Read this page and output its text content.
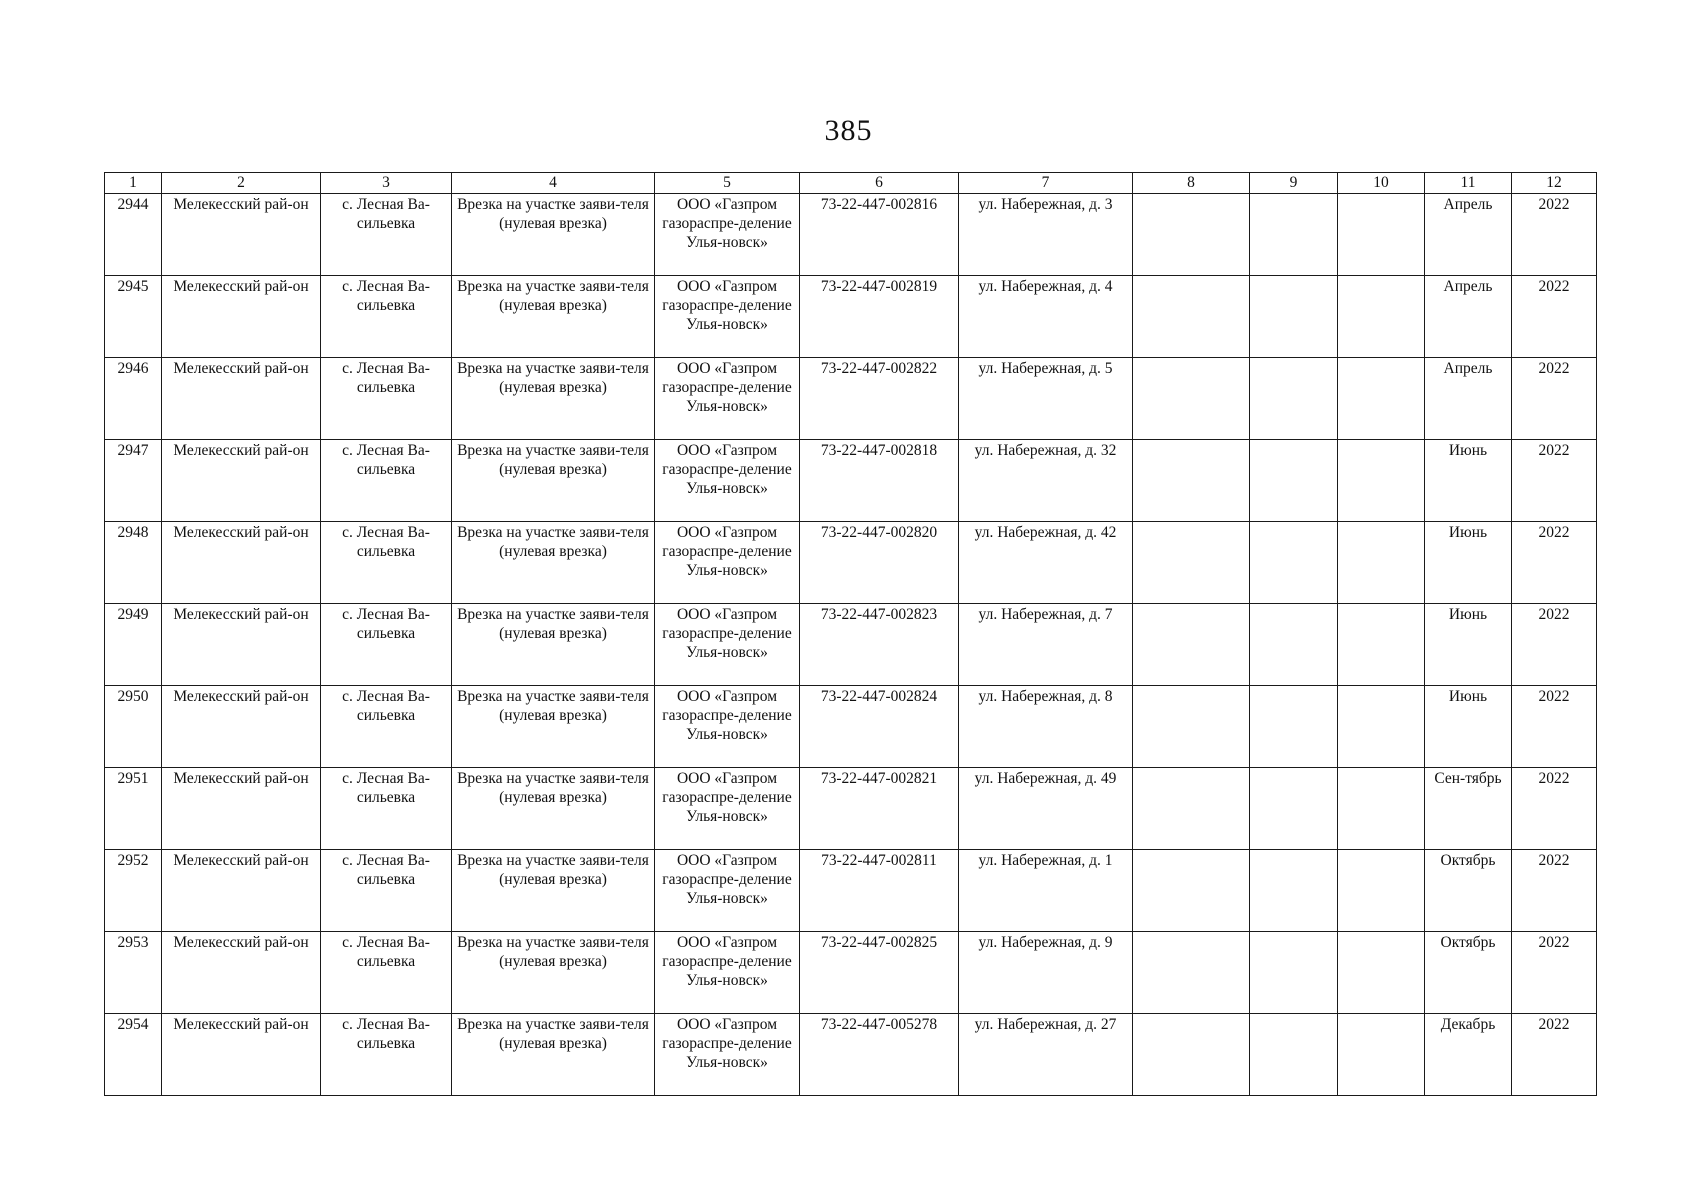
385
1	2	3	4	5	6	7	8	9	10	11	12
2944	Мелекесский рай-он	с. Лесная Ва-сильевка	Врезка на участке заяви-теля (нулевая врезка)	ООО «Газпром газораспре-деление Улья-новск»	73-22-447-002816	ул. Набережная, д. 3				Апрель	2022
2945	Мелекесский рай-он	с. Лесная Ва-сильевка	Врезка на участке заяви-теля (нулевая врезка)	ООО «Газпром газораспре-деление Улья-новск»	73-22-447-002819	ул. Набережная, д. 4				Апрель	2022
2946	Мелекесский рай-он	с. Лесная Ва-сильевка	Врезка на участке заяви-теля (нулевая врезка)	ООО «Газпром газораспре-деление Улья-новск»	73-22-447-002822	ул. Набережная, д. 5				Апрель	2022
2947	Мелекесский рай-он	с. Лесная Ва-сильевка	Врезка на участке заяви-теля (нулевая врезка)	ООО «Газпром газораспре-деление Улья-новск»	73-22-447-002818	ул. Набережная, д. 32				Июнь	2022
2948	Мелекесский рай-он	с. Лесная Ва-сильевка	Врезка на участке заяви-теля (нулевая врезка)	ООО «Газпром газораспре-деление Улья-новск»	73-22-447-002820	ул. Набережная, д. 42				Июнь	2022
2949	Мелекесский рай-он	с. Лесная Ва-сильевка	Врезка на участке заяви-теля (нулевая врезка)	ООО «Газпром газораспре-деление Улья-новск»	73-22-447-002823	ул. Набережная, д. 7				Июнь	2022
2950	Мелекесский рай-он	с. Лесная Ва-сильевка	Врезка на участке заяви-теля (нулевая врезка)	ООО «Газпром газораспре-деление Улья-новск»	73-22-447-002824	ул. Набережная, д. 8				Июнь	2022
2951	Мелекесский рай-он	с. Лесная Ва-сильевка	Врезка на участке заяви-теля (нулевая врезка)	ООО «Газпром газораспре-деление Улья-новск»	73-22-447-002821	ул. Набережная, д. 49				Сен-тябрь	2022
2952	Мелекесский рай-он	с. Лесная Ва-сильевка	Врезка на участке заяви-теля (нулевая врезка)	ООО «Газпром газораспре-деление Улья-новск»	73-22-447-002811	ул. Набережная, д. 1				Октябрь	2022
2953	Мелекесский рай-он	с. Лесная Ва-сильевка	Врезка на участке заяви-теля (нулевая врезка)	ООО «Газпром газораспре-деление Улья-новск»	73-22-447-002825	ул. Набережная, д. 9				Октябрь	2022
2954	Мелекесский рай-он	с. Лесная Ва-сильевка	Врезка на участке заяви-теля (нулевая врезка)	ООО «Газпром газораспре-деление Улья-новск»	73-22-447-005278	ул. Набережная, д. 27				Декабрь	2022
